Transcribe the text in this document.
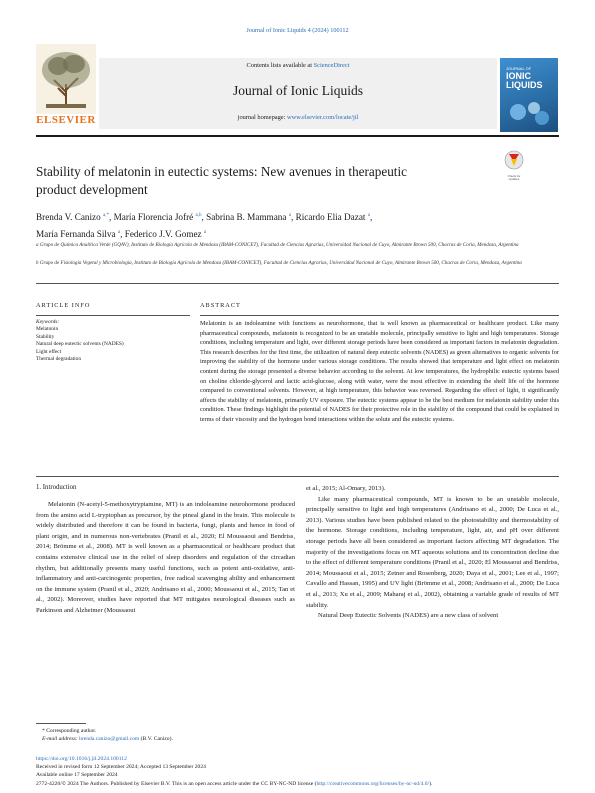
Journal of Ionic Liquids 4 (2024) 100112
ELSEVIER
Contents lists available at ScienceDirect
Journal of Ionic Liquids
journal homepage: www.elsevier.com/locate/jil
JOURNAL OF
IONIC
LIQUIDS
Stability of melatonin in eutectic systems: New avenues in therapeutic
product development
Check for updates
Brenda V. Canizo $^{a,*}$, María Florencia Jofré $^{a,b}$, Sabrina B. Mammana $^a$, Ricardo Elia Dazat $^a$,
María Fernanda Silva $^a$, Federico J.V. Gomez $^a$
a Grupo de Química Analítica Verde (GQAV), Instituto de Biología Agrícola de Mendoza (IBAM-CONICET), Facultad de Ciencias Agrarias, Universidad Nacional de Cuyo, Almirante Brown 500, Chacras de Coria, Mendoza, Argentina
b Grupo de Fisiología Vegetal y Microbiología, Instituto de Biología Agrícola de Mendoza (IBAM-CONICET), Facultad de Ciencias Agrarias, Universidad Nacional de Cuyo, Almirante Brown 500, Chacras de Coria, Mendoza, Argentina
ARTICLE INFO	ABSTRACT
Keywords:
Melatonin
Stability
Natural deep eutectic solvents (NADES)
Light effect
Thermal degradation
Melatonin is an indoleamine with functions as neurohormone, that is well known as pharmaceutical or healthcare product. Like many pharmaceutical compounds, melatonin is recognized to be an unstable molecule, principally sensitive to light and high temperatures. Storage conditions, including temperature and light, over different storage periods have been considered as important factors in melatonin degradation. This research describes for the first time, the utilization of natural deep eutectic solvents (NADES) as green alternatives to organic solvents for improving the stability of the hormone under various storage conditions. The results showed that temperature and light effect on melatonin content during the storage presented a diverse behavior according to the solvent. At low temperatures, the hydrophilic eutectic systems based on choline chloride-glycerol and lactic acid-glucose, along with water, were the most effective in extending the shelf life of the hormone compared to conventional solvents. However, at high temperature, this behavior was reversed. Regarding the effect of light, it significantly affects the stability of melatonin, primarily UV exposure. The eutectic systems appear to be the best medium for melatonin stability under this condition. These findings highlight the potential of NADES for their protective role in the stability of the compound that could be explained in terms of their viscosity and the hydrogen bond interactions within the solute and the eutectic systems.
1. Introduction

Melatonin (N-acetyl-5-methoxytryptamine, MT) is an indoleamine neurohormone produced from the amino acid L-tryptophan as precursor, by the pineal gland in the brain. This molecule is widely distributed and therefore it can be found in bacteria, fungi, plants and hence in food of plant origin, and in numerous non-vertebrates (Pranil et al., 2020; El Moussaoui and Bendriss, 2014; Brömme et al., 2008). MT is well known as a pharmaceutical or healthcare product that contains extensive clinical use in the relief of sleep disorders and regulation of the circadian rhythm, but additionally presents many useful functions, such as potent anti-oxidative, anti-inflammatory and anti-carcinogenic properties, free radical scavenging ability and enhancement on the immune system (Pranil et al., 2020; Andrisano et al., 2000; Moussaoui et al., 2015; Tan et al., 2002). Moreover, studies have reported that MT mitigates neurological diseases such as Parkinson and Alzheimer (Moussaoui

et al., 2015; Al-Omary, 2013).

Like many pharmaceutical compounds, MT is known to be an unstable molecule, principally sensitive to light and high temperatures (Andrisano et al., 2000; De Luca et al., 2013). Various studies have been published related to the photostability and thermostability of the hormone. Storage conditions, including temperature, light, air, and pH over different storage periods have all been considered as important factors affecting MT degradation. The majority of the investigations focus on MT aqueous solutions and its concentration decline due to the effect of different temperature conditions (Pranil et al., 2020; El Moussaoui and Bendriss, 2014; Moussaoui et al., 2015; Zetner and Rosenberg, 2020; Daya et al., 2001; Lee et al., 1997; Cavallo and Hassan, 1995) and UV light (Brömme et al., 2008; Andrisano et al., 2000; De Luca et al., 2013; Xu et al., 2009; Maharaj et al., 2002), obtaining a variable grade of results of MT stability.

Natural Deep Eutectic Solvents (NADES) are a new class of solvent

* Corresponding author.
E-mail address: brenda.canizo@gmail.com (B.V. Canizo).
https://doi.org/10.1016/j.jil.2024.100112
Received in revised form 12 September 2024; Accepted 13 September 2024
Available online 17 September 2024
2772-4220/© 2024 The Authors. Published by Elsevier B.V. This is an open access article under the CC BY-NC-ND license (http://creativecommons.org/licenses/by-nc-nd/4.0/).
